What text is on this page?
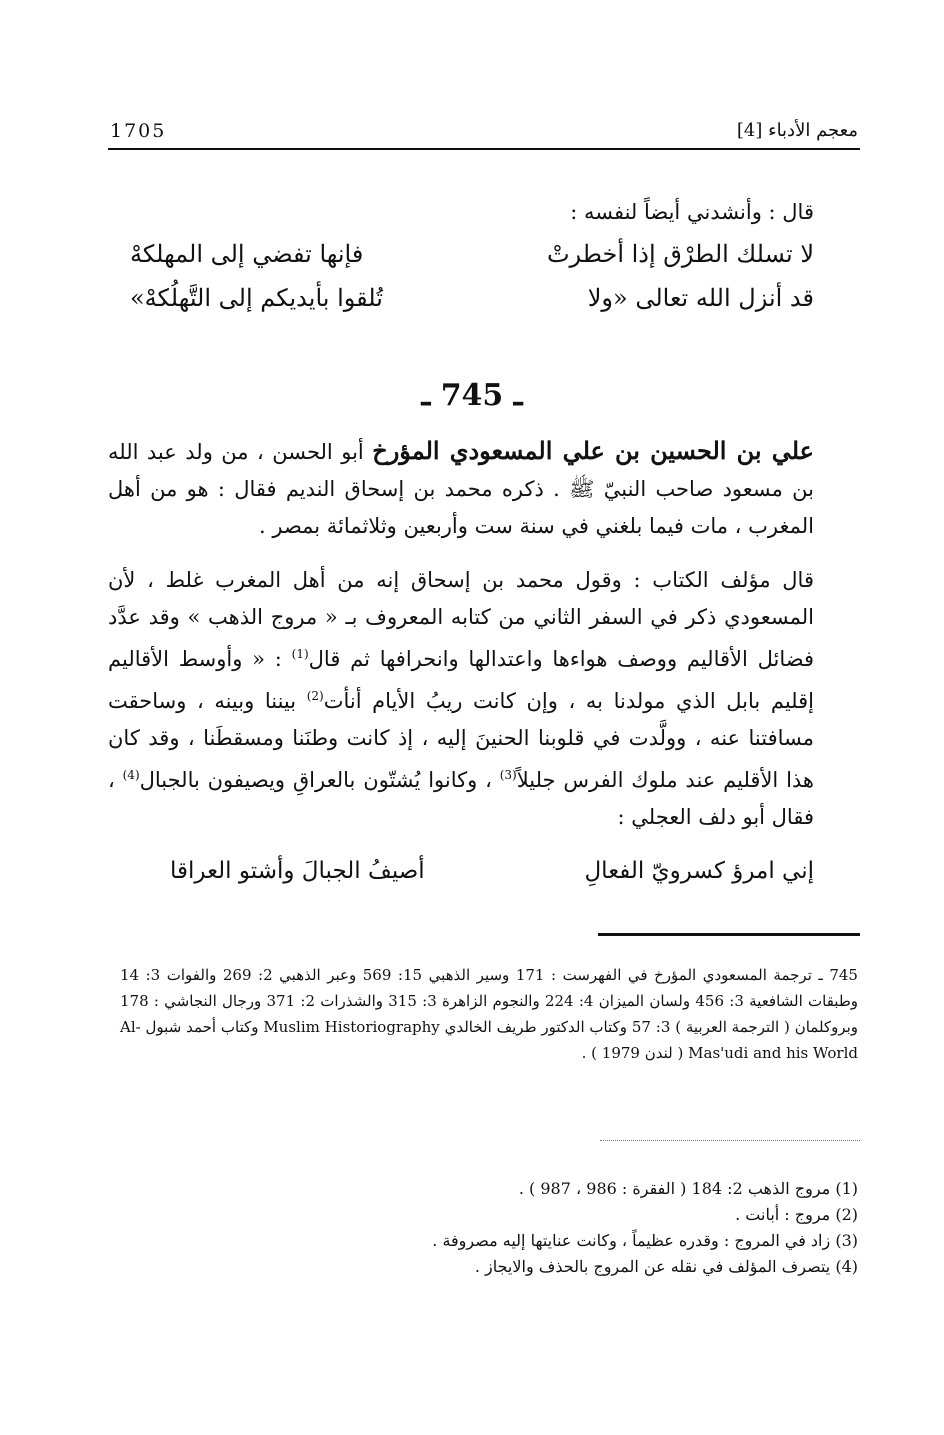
1705	معجم الأدباء [4]
قال : وأنشدني أيضاً لنفسه :
لا تسلك الطرْق إذا أخطرتْ
فإنها تفضي إلى المهلكهْ
قد أنزل الله تعالى «ولا
تُلقوا بأيديكم إلى التَّهلُكهْ»
ـ 745 ـ
علي بن الحسين بن علي المسعودي المؤرخ أبو الحسن ، من ولد عبد الله بن مسعود صاحب النبيّ ﷺ . ذكره محمد بن إسحاق النديم فقال : هو من أهل المغرب ، مات فيما بلغني في سنة ست وأربعين وثلاثمائة بمصر .
قال مؤلف الكتاب : وقول محمد بن إسحاق إنه من أهل المغرب غلط ، لأن المسعودي ذكر في السفر الثاني من كتابه المعروف بـ « مروج الذهب » وقد عدَّد فضائل الأقاليم ووصف هواءها واعتدالها وانحرافها ثم قال$^{(1)}$ : « وأوسط الأقاليم إقليم بابل الذي مولدنا به ، وإن كانت ريبُ الأيام أنأت$^{(2)}$ بيننا وبينه ، وساحقت مسافتنا عنه ، وولَّدت في قلوبنا الحنينَ إليه ، إذ كانت وطنَنا ومسقطَنا ، وقد كان هذا الأقليم عند ملوك الفرس جليلاً$^{(3)}$ ، وكانوا يُشتّون بالعراقِ ويصيفون بالجبال$^{(4)}$ ، فقال أبو دلف العجلي :
إني امرؤ كسرويّ الفعالِ
أصيفُ الجبالَ وأشتو العراقا
745 ـ ترجمة المسعودي المؤرخ في الفهرست : 171 وسير الذهبي 15: 569 وعبر الذهبي 2: 269 والفوات 3: 14 وطبقات الشافعية 3: 456 ولسان الميزان 4: 224 والنجوم الزاهرة 3: 315 والشذرات 2: 371 ورجال النجاشي : 178 وبروكلمان ( الترجمة العربية ) 3: 57 وكتاب الدكتور طريف الخالدي Muslim Historiography وكتاب أحمد شبول Al- Mas'udi and his World ( لندن 1979 ) .
(1) مروج الذهب 2: 184 ( الفقرة : 986 ، 987 ) .
(2) مروج : أبانت .
(3) زاد في المروج : وقدره عظيماً ، وكانت عنايتها إليه مصروفة .
(4) يتصرف المؤلف في نقله عن المروج بالحذف والايجاز .
